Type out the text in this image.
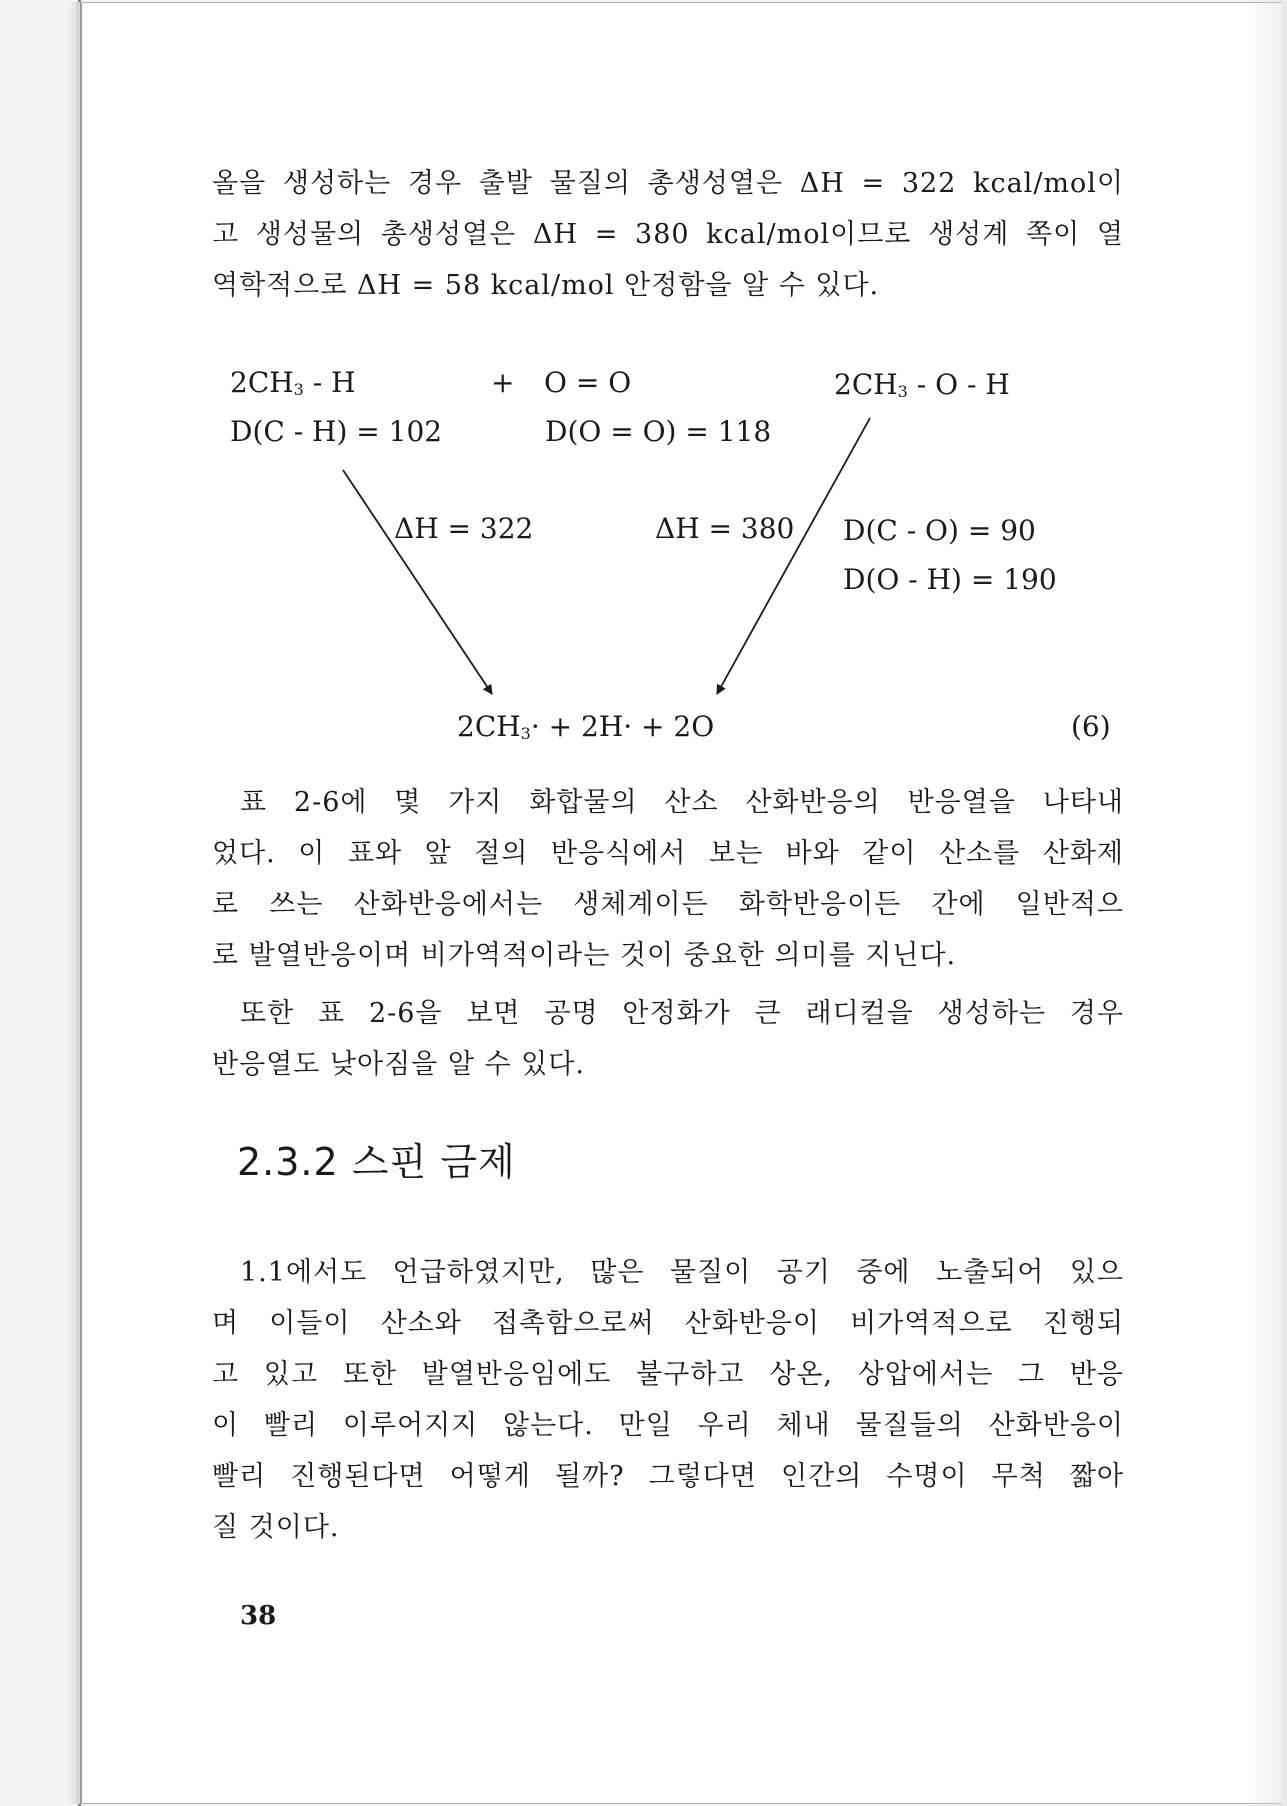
올을 생성하는 경우 출발 물질의 총생성열은 ΔH = 322 kcal/mol이
고 생성물의 총생성열은 ΔH = 380 kcal/mol이므로 생성계 쪽이 열
역학적으로 ΔH = 58 kcal/mol 안정함을 알 수 있다.
$2CH_3$ - H	+ O = O	$2CH_3$ - O - H
D(C - H) = 102	D(O = O) = 118
ΔH = 322	ΔH = 380 D(C - O) = 90
D(O - H) = 190
$2CH_3\cdot + 2H\cdot + 2O$	(6)
표 2-6에 몇 가지 화합물의 산소 산화반응의 반응열을 나타내
었다. 이 표와 앞 절의 반응식에서 보는 바와 같이 산소를 산화제
로 쓰는 산화반응에서는 생체계이든 화학반응이든 간에 일반적으
로 발열반응이며 비가역적이라는 것이 중요한 의미를 지닌다.
또한 표 2-6을 보면 공명 안정화가 큰 래디컬을 생성하는 경우
반응열도 낮아짐을 알 수 있다.
2.3.2 스핀 금제
1.1에서도 언급하였지만, 많은 물질이 공기 중에 노출되어 있으
며 이들이 산소와 접촉함으로써 산화반응이 비가역적으로 진행되
고 있고 또한 발열반응임에도 불구하고 상온, 상압에서는 그 반응
이 빨리 이루어지지 않는다. 만일 우리 체내 물질들의 산화반응이
빨리 진행된다면 어떻게 될까? 그렇다면 인간의 수명이 무척 짧아
질 것이다.
38
